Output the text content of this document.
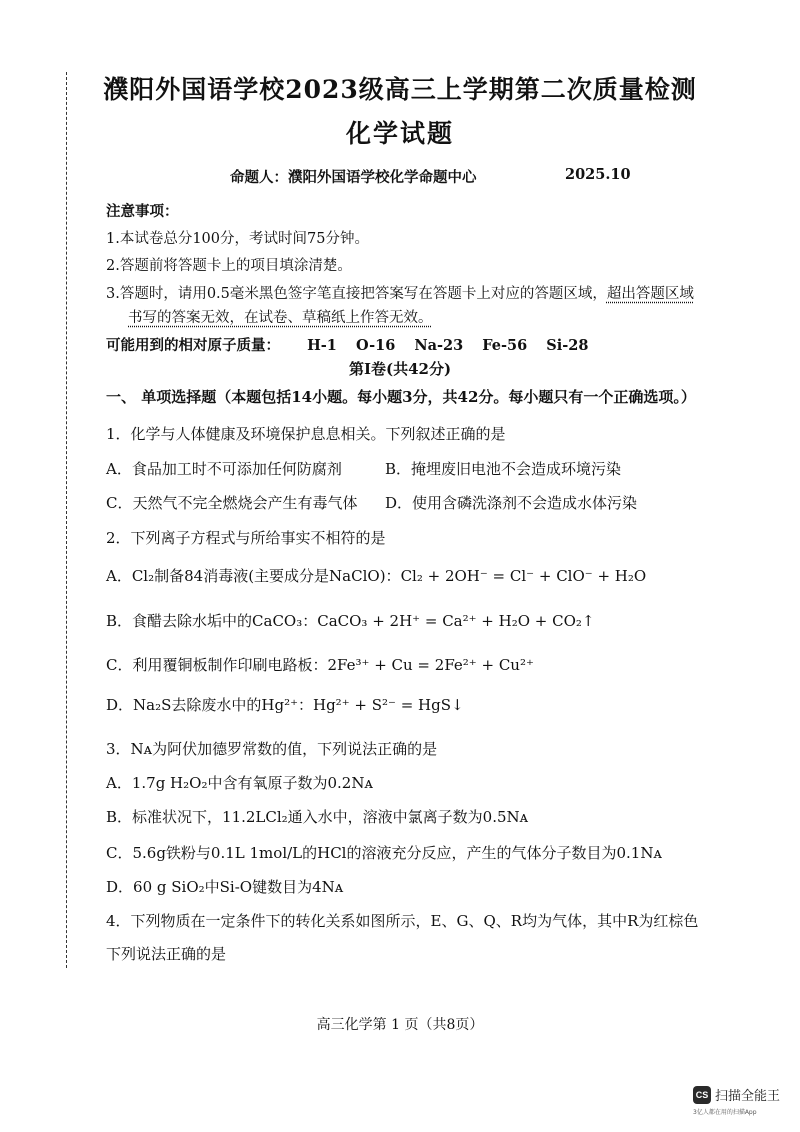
濮阳外国语学校2023级高三上学期第二次质量检测
化学试题
命题人：濮阳外国语学校化学命题中心	2025.10
注意事项：
1.本试卷总分100分，考试时间75分钟。
2.答题前将答题卡上的项目填涂清楚。
3.答题时，请用0.5毫米黑色签字笔直接把答案写在答题卡上对应的答题区域，超出答题区域
书写的答案无效，在试卷、草稿纸上作答无效。
可能用到的相对原子质量： H-1 O-16 Na-23 Fe-56 Si-28
第Ⅰ卷(共42分)
一、 单项选择题（本题包括14小题。每小题3分，共42分。每小题只有一个正确选项。）
1．化学与人体健康及环境保护息息相关。下列叙述正确的是
A．食品加工时不可添加任何防腐剂	B．掩埋废旧电池不会造成环境污染
C．天然气不完全燃烧会产生有毒气体 D．使用含磷洗涤剂不会造成水体污染
2．下列离子方程式与所给事实不相符的是
A．Cl₂制备84消毒液(主要成分是NaClO)：Cl₂ + 2OH⁻ = Cl⁻ + ClO⁻ + H₂O
B．食醋去除水垢中的CaCO₃：CaCO₃ + 2H⁺ = Ca²⁺ + H₂O + CO₂↑
C．利用覆铜板制作印刷电路板：2Fe³⁺ + Cu = 2Fe²⁺ + Cu²⁺
D．Na₂S去除废水中的Hg²⁺：Hg²⁺ + S²⁻ = HgS↓
3．Nᴀ为阿伏加德罗常数的值，下列说法正确的是
A．1.7g H₂O₂中含有氧原子数为0.2Nᴀ
B．标准状况下，11.2LCl₂通入水中，溶液中氯离子数为0.5Nᴀ
C．5.6g铁粉与0.1L 1mol/L的HCl的溶液充分反应，产生的气体分子数目为0.1Nᴀ
D．60 g SiO₂中Si-O键数目为4Nᴀ
4．下列物质在一定条件下的转化关系如图所示，E、G、Q、R均为气体，其中R为红棕色
下列说法正确的是
高三化学第 1 页（共8页）
CS 扫描全能王
3亿人都在用的扫描App
